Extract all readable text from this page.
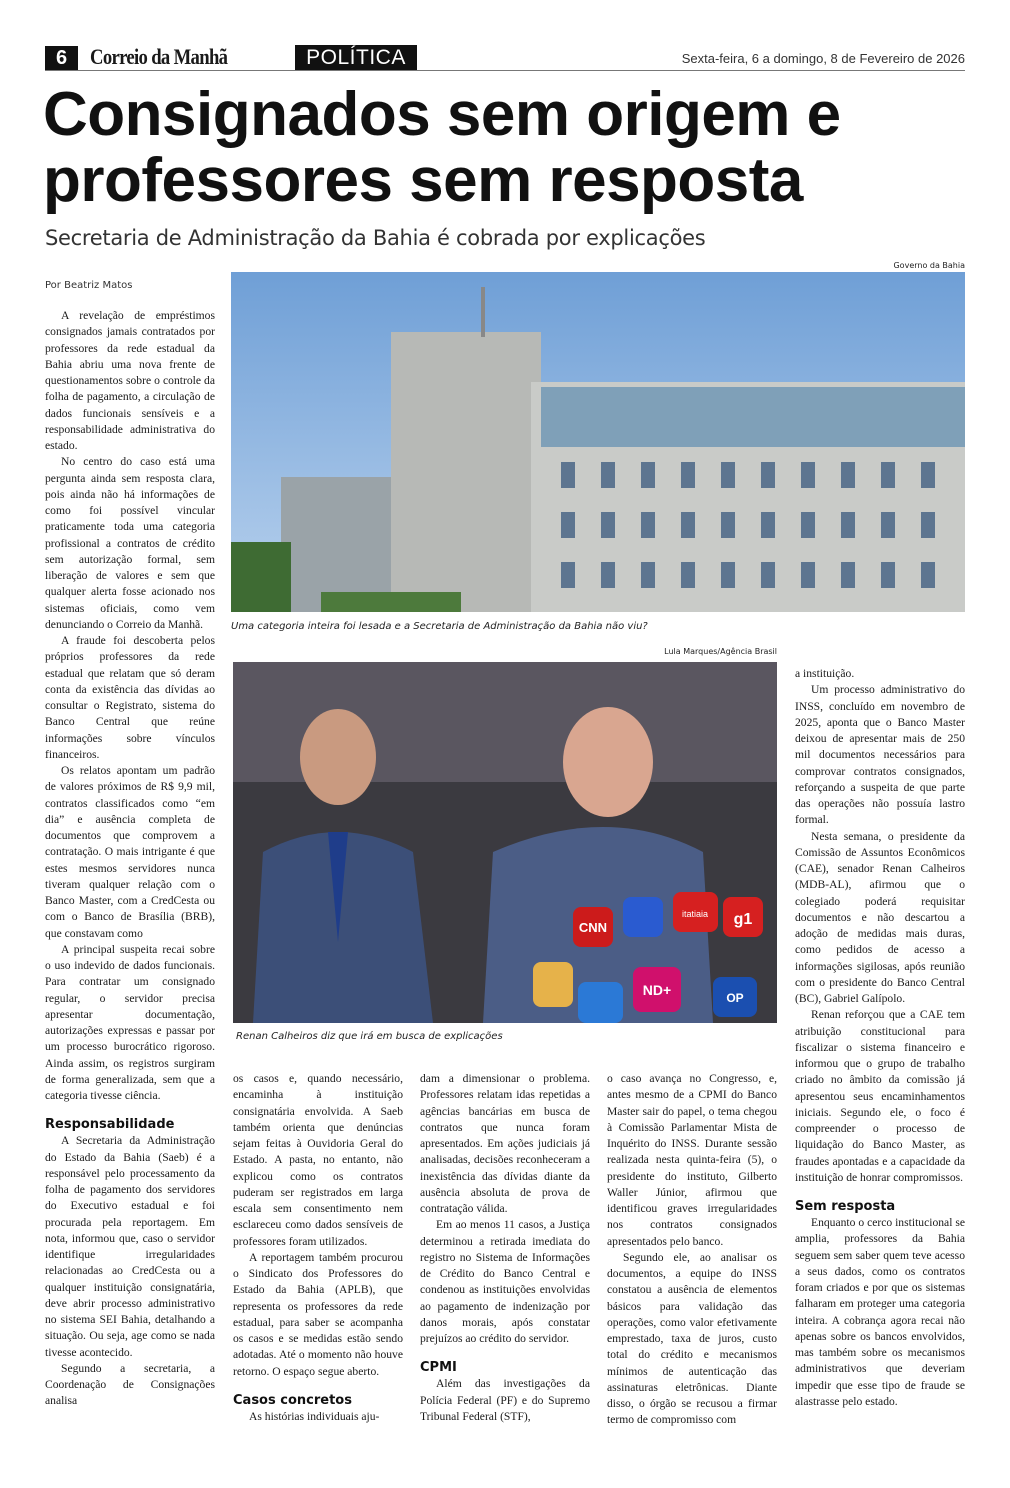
6	Correio da Manhã	POLÍTICA	Sexta-feira, 6 a domingo, 8 de Fevereiro de 2026
Consignados sem origem e
professores sem resposta
Secretaria de Administração da Bahia é cobrada por explicações
Por Beatriz Matos
Governo da Bahia
Uma categoria inteira foi lesada e a Secretaria de Administração da Bahia não viu?
Lula Marques/Agência Brasil
CNN
itatiaia g1
ND+	OP
Renan Calheiros diz que irá em busca de explicações

A revelação de empréstimos consignados jamais contratados por professores da rede estadual da Bahia abriu uma nova frente de questionamentos sobre o controle da folha de pagamento, a circulação de dados funcionais sensíveis e a responsabilidade administrativa do estado.

No centro do caso está uma pergunta ainda sem resposta clara, pois ainda não há informações de como foi possível vincular praticamente toda uma categoria profissional a contratos de crédito sem autorização formal, sem liberação de valores e sem que qualquer alerta fosse acionado nos sistemas oficiais, como vem denunciando o Correio da Manhã.

A fraude foi descoberta pelos próprios professores da rede estadual que relatam que só deram conta da existência das dívidas ao consultar o Registrato, sistema do Banco Central que reúne informações sobre vínculos financeiros.

Os relatos apontam um padrão de valores próximos de R$ 9,9 mil, contratos classificados como “em dia” e ausência completa de documentos que comprovem a contratação. O mais intrigante é que estes mesmos servidores nunca tiveram qualquer relação com o Banco Master, com a CredCesta ou com o Banco de Brasília (BRB), que constavam como

A principal suspeita recai sobre o uso indevido de dados funcionais. Para contratar um consignado regular, o servidor precisa apresentar documentação, autorizações expressas e passar por um processo burocrático rigoroso. Ainda assim, os registros surgiram de forma generalizada, sem que a categoria tivesse ciência.

Responsabilidade

A Secretaria da Administração do Estado da Bahia (Saeb) é a responsável pelo processamento da folha de pagamento dos servidores do Executivo estadual e foi procurada pela reportagem. Em nota, informou que, caso o servidor identifique irregularidades relacionadas ao CredCesta ou a qualquer instituição consignatária, deve abrir processo administrativo no sistema SEI Bahia, detalhando a situação. Ou seja, age como se nada tivesse acontecido.

Segundo a secretaria, a Coordenação de Consignações analisa

os casos e, quando necessário, encaminha à instituição consignatária envolvida. A Saeb também orienta que denúncias sejam feitas à Ouvidoria Geral do Estado. A pasta, no entanto, não explicou como os contratos puderam ser registrados em larga escala sem consentimento nem esclareceu como dados sensíveis de professores foram utilizados.

A reportagem também procurou o Sindicato dos Professores do Estado da Bahia (APLB), que representa os professores da rede estadual, para saber se acompanha os casos e se medidas estão sendo adotadas. Até o momento não houve retorno. O espaço segue aberto.

Casos concretos

As histórias individuais aju-

dam a dimensionar o problema. Professores relatam idas repetidas a agências bancárias em busca de contratos que nunca foram apresentados. Em ações judiciais já analisadas, decisões reconheceram a inexistência das dívidas diante da ausência absoluta de prova de contratação válida.

Em ao menos 11 casos, a Justiça determinou a retirada imediata do registro no Sistema de Informações de Crédito do Banco Central e condenou as instituições envolvidas ao pagamento de indenização por danos morais, após constatar prejuízos ao crédito do servidor.

CPMI

Além das investigações da Polícia Federal (PF) e do Supremo Tribunal Federal (STF),

o caso avança no Congresso, e, antes mesmo de a CPMI do Banco Master sair do papel, o tema chegou à Comissão Parlamentar Mista de Inquérito do INSS. Durante sessão realizada nesta quinta-feira (5), o presidente do instituto, Gilberto Waller Júnior, afirmou que identificou graves irregularidades nos contratos consignados apresentados pelo banco.

Segundo ele, ao analisar os documentos, a equipe do INSS constatou a ausência de elementos básicos para validação das operações, como valor efetivamente emprestado, taxa de juros, custo total do crédito e mecanismos mínimos de autenticação das assinaturas eletrônicas. Diante disso, o órgão se recusou a firmar termo de compromisso com

a instituição.

Um processo administrativo do INSS, concluído em novembro de 2025, aponta que o Banco Master deixou de apresentar mais de 250 mil documentos necessários para comprovar contratos consignados, reforçando a suspeita de que parte das operações não possuía lastro formal.

Nesta semana, o presidente da Comissão de Assuntos Econômicos (CAE), senador Renan Calheiros (MDB-AL), afirmou que o colegiado poderá requisitar documentos e não descartou a adoção de medidas mais duras, como pedidos de acesso a informações sigilosas, após reunião com o presidente do Banco Central (BC), Gabriel Galípolo.

Renan reforçou que a CAE tem atribuição constitucional para fiscalizar o sistema financeiro e informou que o grupo de trabalho criado no âmbito da comissão já apresentou seus encaminhamentos iniciais. Segundo ele, o foco é compreender o processo de liquidação do Banco Master, as fraudes apontadas e a capacidade da instituição de honrar compromissos.

Sem resposta

Enquanto o cerco institucional se amplia, professores da Bahia seguem sem saber quem teve acesso a seus dados, como os contratos foram criados e por que os sistemas falharam em proteger uma categoria inteira. A cobrança agora recai não apenas sobre os bancos envolvidos, mas também sobre os mecanismos administrativos que deveriam impedir que esse tipo de fraude se alastrasse pelo estado.
